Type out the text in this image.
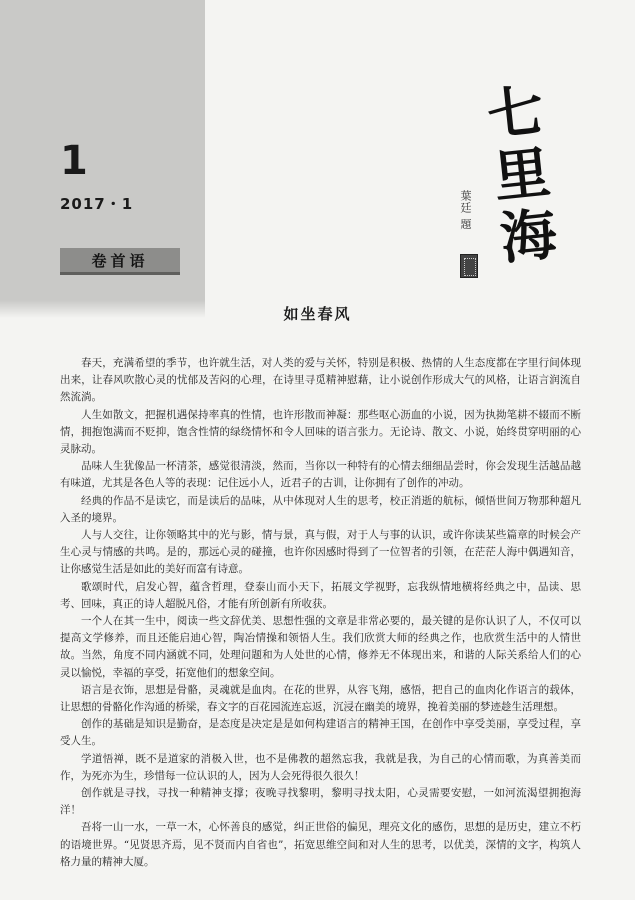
1
2017・1
卷首语
七
里
海
葉廷 題
如坐春风

春天，充满希望的季节，也许就生活，对人类的爱与关怀，特别是积极、热情的人生态度都在字里行间体现出来，让春风吹散心灵的忧郁及苦闷的心理，在诗里寻觅精神慰藉，让小说创作形成大气的风格，让语言润流自然流淌。

人生如散文，把握机遇保持率真的性情，也许形散而神凝：那些呕心沥血的小说，因为执拗笔耕不辍而不断情，拥抱饱满而不贬抑，饱含性情的绿绕情怀和令人回味的语言张力。无论诗、散文、小说，始终贯穿明丽的心灵脉动。

品味人生犹像品一杯清茶，感觉很清淡，然而，当你以一种特有的心情去细细品尝时，你会发现生活越品越有味道，尤其是各色人等的表现：记住远小人，近君子的古训，让你拥有了创作的冲动。

经典的作品不是读它，而是读后的品味，从中体现对人生的思考，校正消逝的航标，倾悟世间万物那种超凡入圣的境界。

人与人交往，让你领略其中的光与影，情与景，真与假，对于人与事的认识，或许你读某些篇章的时候会产生心灵与情感的共鸣。是的，那远心灵的碰撞，也许你因感时得到了一位智者的引领，在茫茫人海中偶遇知音，让你感觉生活是如此的美好而富有诗意。

歌颂时代，启发心智，蕴含哲理，登泰山而小天下，拓展文学视野，忘我纵情地横将经典之中，品读、思考、回味，真正的诗人超脱凡俗，才能有所创新有所收获。

一个人在其一生中，阅读一些文辞优美、思想性强的文章是非常必要的，最关键的是你认识了人，不仅可以提高文学修养，而且还能启迪心智，陶冶情操和领悟人生。我们欣赏大师的经典之作，也欣赏生活中的人情世故。当然，角度不同内涵就不同，处理问题和为人处世的心情，修养无不体现出来，和谐的人际关系给人们的心灵以愉悦，幸福的享受，拓宽他们的想象空间。

语言是衣饰，思想是骨骼，灵魂就是血肉。在花的世界，从容飞翔，感悟，把自己的血肉化作语言的载体，让思想的骨骼化作沟通的桥梁，春文字的百花园流连忘返，沉浸在幽美的境界，挽着美丽的梦迹趁生活理想。

创作的基础是知识是勤奋，是态度是决定是是如何构建语言的精神王国，在创作中享受美丽，享受过程，享受人生。

学道悟禅，既不是道家的消极入世，也不是佛教的超然忘我，我就是我，为自己的心情而歌，为真善美而作，为死亦为生，珍惜每一位认识的人，因为人会死得很久很久！

创作就是寻找，寻找一种精神支撑；夜晚寻找黎明，黎明寻找太阳，心灵需要安慰，一如河流渴望拥抱海洋！

吾将一山一水，一草一木，心怀善良的感觉，纠正世俗的偏见，理亮文化的感伤，思想的是历史，建立不朽的语境世界。“见贤思齐焉，见不贤而内自省也”，拓宽思维空间和对人生的思考，以优美，深情的文字，构筑人格力量的精神大厦。
